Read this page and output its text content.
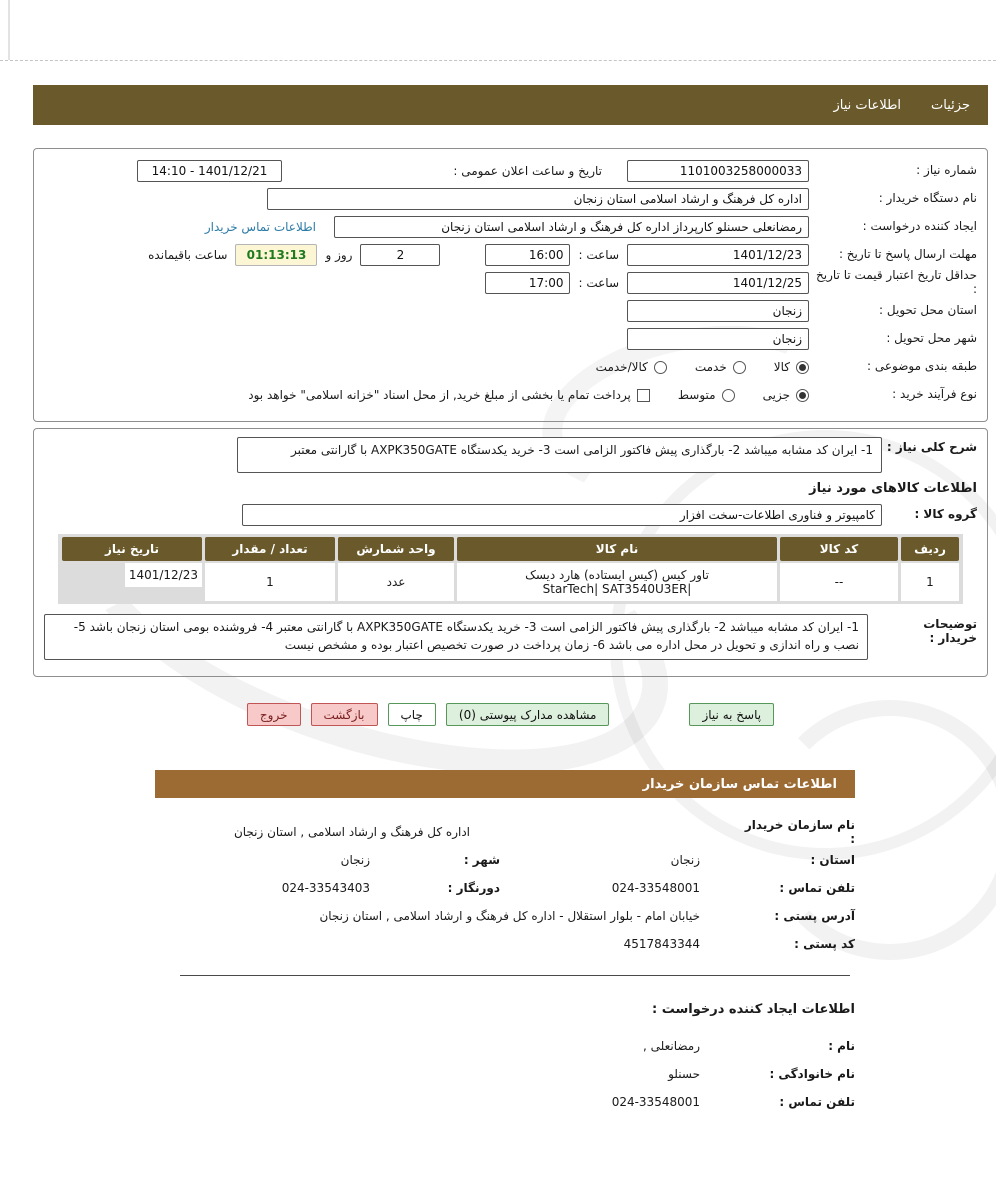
جزئیات
اطلاعات نیاز
شماره نیاز :
1101003258000033
تاریخ و ساعت اعلان عمومی :
14:10 - 1401/12/21
نام دستگاه خریدار :
اداره کل فرهنگ و ارشاد اسلامی استان زنجان
ایجاد کننده درخواست :
رمضانعلی حسنلو کارپرداز اداره کل فرهنگ و ارشاد اسلامی استان زنجان
اطلاعات تماس خریدار
مهلت ارسال پاسخ تا تاریخ :
1401/12/23
ساعت :
16:00
2
روز و
01:13:13
ساعت باقیمانده
حداقل تاریخ اعتبار قیمت تا تاریخ :
1401/12/25
ساعت :
17:00
استان محل تحویل :
زنجان
شهر محل تحویل :
زنجان
طبقه بندی موضوعی :
کالا
خدمت
کالا/خدمت
نوع فرآیند خرید :
جزیی
متوسط
پرداخت تمام یا بخشی از مبلغ خرید, از محل اسناد "خزانه اسلامی" خواهد بود
شرح کلی نیاز :
1- ایران کد مشابه میباشد 2- بارگذاری پیش فاکتور الزامی است 3- خرید یکدستگاه AXPK350GATE با گارانتی معتبر
اطلاعات کالاهای مورد نیاز
گروه کالا :
کامپیوتر و فناوری اطلاعات-سخت افزار
ردیف	کد کالا	نام کالا	واحد شمارش	تعداد / مقدار	تاریخ نیاز
1	--	تاور کیس (کیس ایستاده) هارد دیسک
StarTech| SAT3540U3ER|	عدد	1	1401/12/23
توضیحات خریدار :
1- ایران کد مشابه میباشد 2- بارگذاری پیش فاکتور الزامی است 3- خرید یکدستگاه AXPK350GATE با گارانتی معتبر 4- فروشنده بومی استان زنجان باشد 5- نصب و راه اندازی و تحویل در محل اداره می باشد 6- زمان پرداخت در صورت تخصیص اعتبار بوده و مشخص نیست
پاسخ به نیاز
مشاهده مدارک پیوستی (0)
چاپ
بازگشت
خروج
اطلاعات تماس سازمان خریدار
نام سازمان خریدار :
اداره کل فرهنگ و ارشاد اسلامی , استان زنجان
استان :
زنجان
شهر :
زنجان
تلفن تماس :
024-33548001
دورنگار :
024-33543403
آدرس پستی :
خیابان امام - بلوار استقلال - اداره کل فرهنگ و ارشاد اسلامی , استان زنجان
کد پستی :
4517843344
اطلاعات ایجاد کننده درخواست :
نام :
رمضانعلی ,
نام خانوادگی :
حسنلو
تلفن تماس :
024-33548001
